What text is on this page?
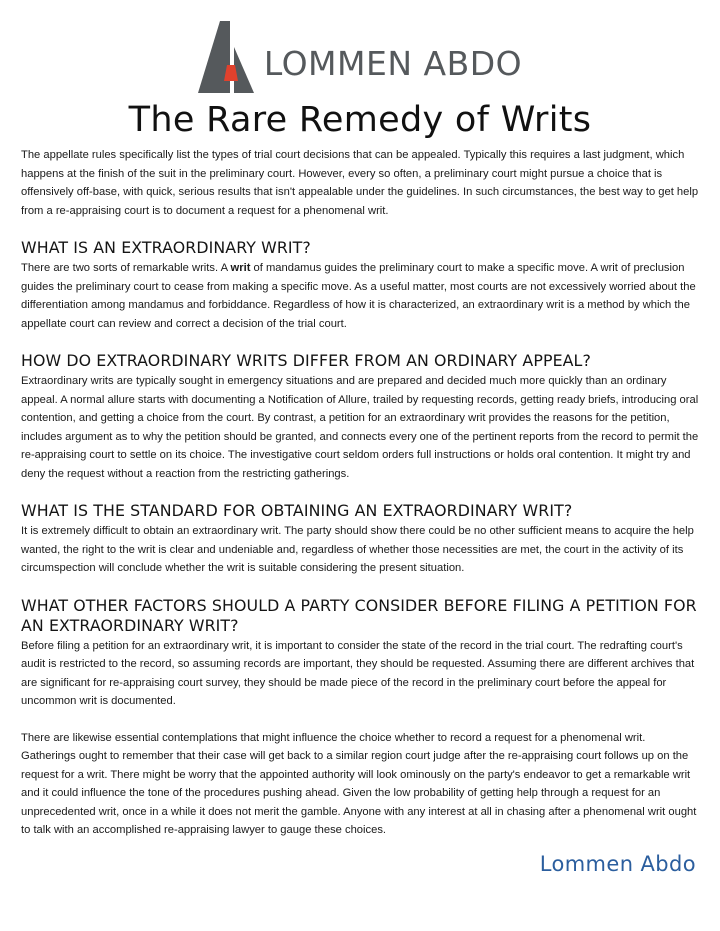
LOMMEN ABDO
The Rare Remedy of Writs

The appellate rules specifically list the types of trial court decisions that can be appealed. Typically this requires a last judgment, which happens at the finish of the suit in the preliminary court. However, every so often, a preliminary court might pursue a choice that is offensively off-base, with quick, serious results that isn't appealable under the guidelines. In such circumstances, the best way to get help from a re-appraising court is to document a request for a phenomenal writ.

WHAT IS AN EXTRAORDINARY WRIT?

There are two sorts of remarkable writs. A writ of mandamus guides the preliminary court to make a specific move. A writ of preclusion guides the preliminary court to cease from making a specific move. As a useful matter, most courts are not excessively worried about the differentiation among mandamus and forbiddance. Regardless of how it is characterized, an extraordinary writ is a method by which the appellate court can review and correct a decision of the trial court.

HOW DO EXTRAORDINARY WRITS DIFFER FROM AN ORDINARY APPEAL?

Extraordinary writs are typically sought in emergency situations and are prepared and decided much more quickly than an ordinary appeal. A normal allure starts with documenting a Notification of Allure, trailed by requesting records, getting ready briefs, introducing oral contention, and getting a choice from the court. By contrast, a petition for an extraordinary writ provides the reasons for the petition, includes argument as to why the petition should be granted, and connects every one of the pertinent reports from the record to permit the re-appraising court to settle on its choice. The investigative court seldom orders full instructions or holds oral contention. It might try and deny the request without a reaction from the restricting gatherings.

WHAT IS THE STANDARD FOR OBTAINING AN EXTRAORDINARY WRIT?

It is extremely difficult to obtain an extraordinary writ. The party should show there could be no other sufficient means to acquire the help wanted, the right to the writ is clear and undeniable and, regardless of whether those necessities are met, the court in the activity of its circumspection will conclude whether the writ is suitable considering the present situation.

WHAT OTHER FACTORS SHOULD A PARTY CONSIDER BEFORE FILING A PETITION FOR AN EXTRAORDINARY WRIT?

Before filing a petition for an extraordinary writ, it is important to consider the state of the record in the trial court. The redrafting court's audit is restricted to the record, so assuming records are important, they should be requested. Assuming there are different archives that are significant for re-appraising court survey, they should be made piece of the record in the preliminary court before the appeal for uncommon writ is documented.

There are likewise essential contemplations that might influence the choice whether to record a request for a phenomenal writ. Gatherings ought to remember that their case will get back to a similar region court judge after the re-appraising court follows up on the request for a writ. There might be worry that the appointed authority will look ominously on the party's endeavor to get a remarkable writ and it could influence the tone of the procedures pushing ahead. Given the low probability of getting help through a request for an unprecedented writ, once in a while it does not merit the gamble. Anyone with any interest at all in chasing after a phenomenal writ ought to talk with an accomplished re-appraising lawyer to gauge these choices.

Lommen Abdo
